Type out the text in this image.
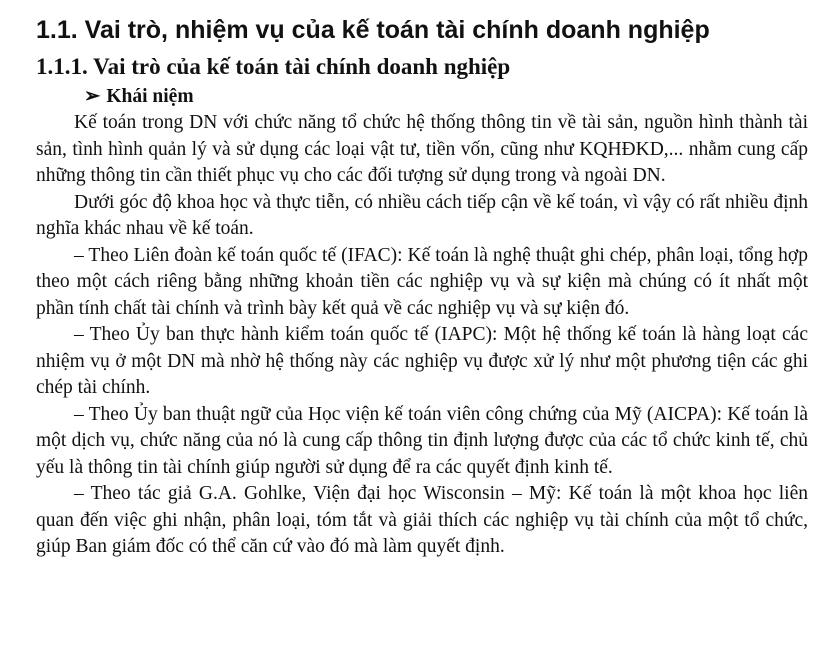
1.1. Vai trò, nhiệm vụ của kế toán tài chính doanh nghiệp
1.1.1. Vai trò của kế toán tài chính doanh nghiệp
➢ Khái niệm

Kế toán trong DN với chức năng tổ chức hệ thống thông tin về tài sản, nguồn hình thành tài sản, tình hình quản lý và sử dụng các loại vật tư, tiền vốn, cũng như KQHĐKD,... nhằm cung cấp những thông tin cần thiết phục vụ cho các đối tượng sử dụng trong và ngoài DN.

Dưới góc độ khoa học và thực tiễn, có nhiều cách tiếp cận về kế toán, vì vậy có rất nhiều định nghĩa khác nhau về kế toán.

– Theo Liên đoàn kế toán quốc tế (IFAC): Kế toán là nghệ thuật ghi chép, phân loại, tổng hợp theo một cách riêng bằng những khoản tiền các nghiệp vụ và sự kiện mà chúng có ít nhất một phần tính chất tài chính và trình bày kết quả về các nghiệp vụ và sự kiện đó.

– Theo Ủy ban thực hành kiểm toán quốc tế (IAPC): Một hệ thống kế toán là hàng loạt các nhiệm vụ ở một DN mà nhờ hệ thống này các nghiệp vụ được xử lý như một phương tiện các ghi chép tài chính.

– Theo Ủy ban thuật ngữ của Học viện kế toán viên công chứng của Mỹ (AICPA): Kế toán là một dịch vụ, chức năng của nó là cung cấp thông tin định lượng được của các tổ chức kinh tế, chủ yếu là thông tin tài chính giúp người sử dụng để ra các quyết định kinh tế.

– Theo tác giả G.A. Gohlke, Viện đại học Wisconsin – Mỹ: Kế toán là một khoa học liên quan đến việc ghi nhận, phân loại, tóm tắt và giải thích các nghiệp vụ tài chính của một tổ chức, giúp Ban giám đốc có thể căn cứ vào đó mà làm quyết định.
